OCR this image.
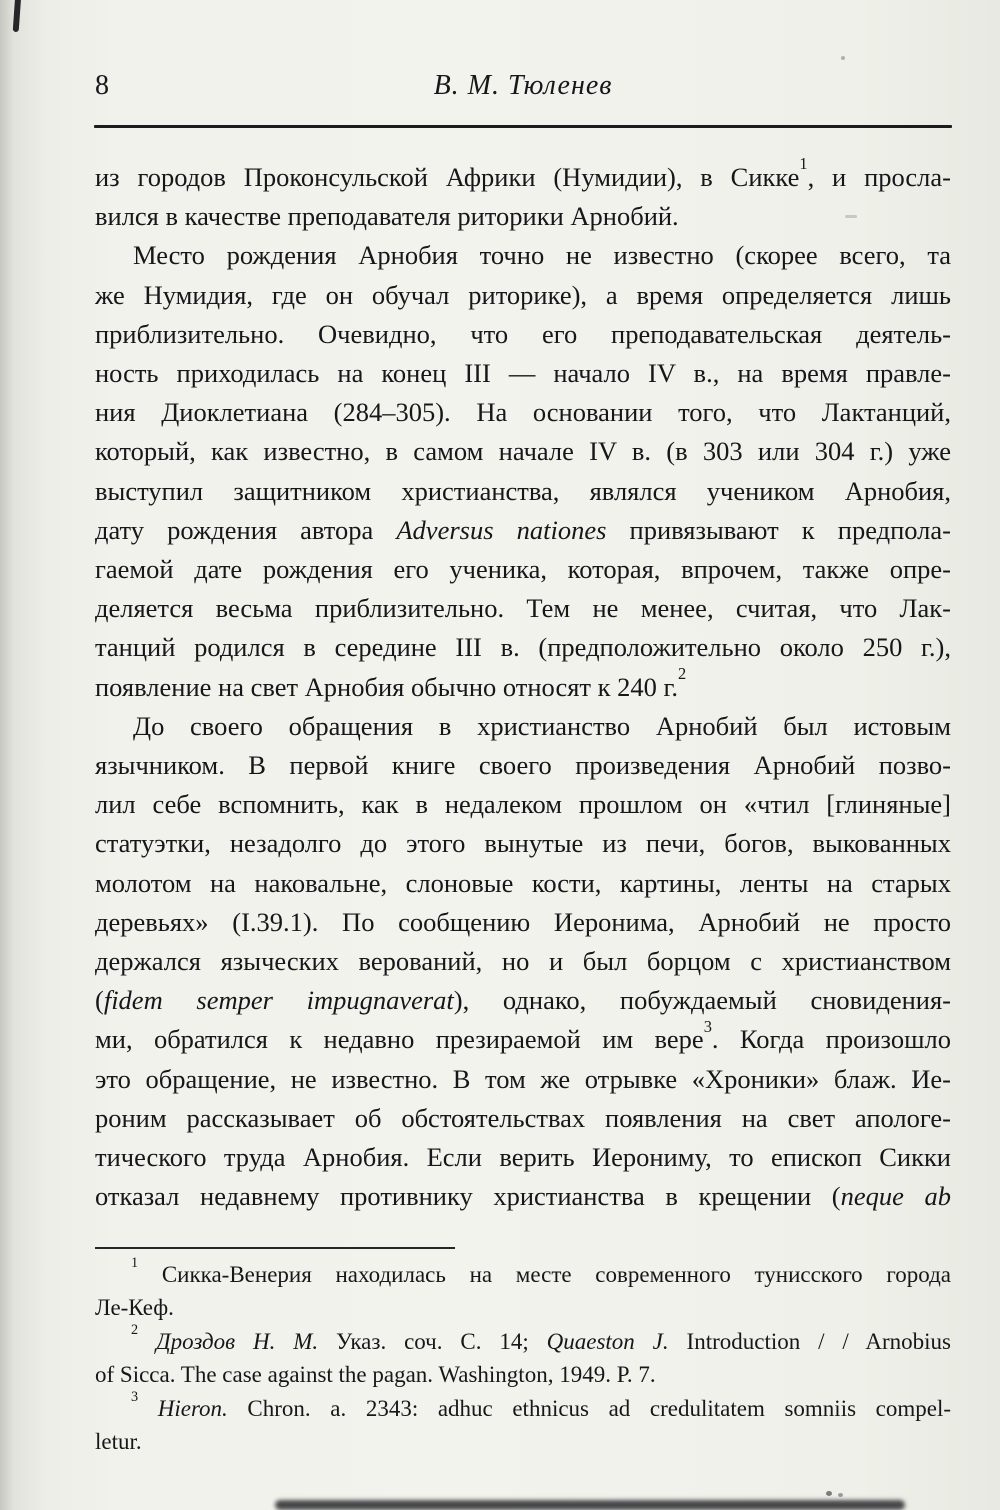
8	В. М. Тюленев
из городов Проконсульской Африки (Нумидии), в Сикке$^1$, и просла-
вился в качестве преподавателя риторики Арнобий.
Место рождения Арнобия точно не известно (скорее всего, та
же Нумидия, где он обучал риторике), а время определяется лишь
приблизительно. Очевидно, что его преподавательская деятель-
ность приходилась на конец III — начало IV в., на время правле-
ния Диоклетиана (284–305). На основании того, что Лактанций,
который, как известно, в самом начале IV в. (в 303 или 304 г.) уже
выступил защитником христианства, являлся учеником Арнобия,
дату рождения автора Adversus nationes привязывают к предпола-
гаемой дате рождения его ученика, которая, впрочем, также опре-
деляется весьма приблизительно. Тем не менее, считая, что Лак-
танций родился в середине III в. (предположительно около 250 г.),
появление на свет Арнобия обычно относят к 240 г.$^2$
До своего обращения в христианство Арнобий был истовым
язычником. В первой книге своего произведения Арнобий позво-
лил себе вспомнить, как в недалеком прошлом он «чтил [глиняные]
статуэтки, незадолго до этого вынутые из печи, богов, выкованных
молотом на наковальне, слоновые кости, картины, ленты на старых
деревьях» (I.39.1). По сообщению Иеронима, Арнобий не просто
держался языческих верований, но и был борцом с христианством
(fidem semper impugnaverat), однако, побуждаемый сновидения-
ми, обратился к недавно презираемой им вере$^3$. Когда произошло
это обращение, не известно. В том же отрывке «Хроники» блаж. Ие-
роним рассказывает об обстоятельствах появления на свет апологе-
тического труда Арнобия. Если верить Иерониму, то епископ Сикки
отказал недавнему противнику христианства в крещении (neque ab
$^1$ Сикка-Венерия находилась на месте современного тунисского города
Ле-Кеф.
$^2$ Дроздов Н. М. Указ. соч. С. 14; Quaeston J. Introduction / / Arnobius
of Sicca. The case against the pagan. Washington, 1949. P. 7.
$^3$ Hieron. Chron. a. 2343: adhuc ethnicus ad credulitatem somniis compel-
letur.
